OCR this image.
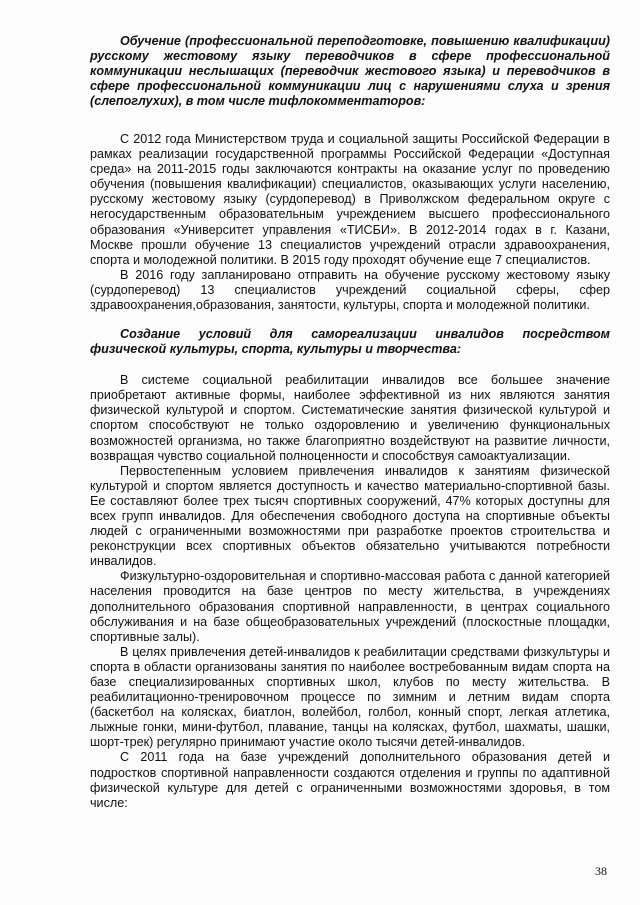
Обучение (профессиональной переподготовке, повышению квалификации) русскому жестовому языку переводчиков в сфере профессиональной коммуникации неслышащих (переводчик жестового языка) и переводчиков в сфере профессиональной коммуникации лиц с нарушениями слуха и зрения (слепоглухих), в том числе тифлокомментаторов:

С 2012 года Министерством труда и социальной защиты Российской Федерации в рамках реализации государственной программы Российской Федерации «Доступная среда» на 2011-2015 годы заключаются контракты на оказание услуг по проведению обучения (повышения квалификации) специалистов, оказывающих услуги населению, русскому жестовому языку (сурдоперевод) в Приволжском федеральном округе с негосударственным образовательным учреждением высшего профессионального образования «Университет управления «ТИСБИ». В 2012-2014 годах в г. Казани, Москве прошли обучение 13 специалистов учреждений отрасли здравоохранения, спорта и молодежной политики. В 2015 году проходят обучение еще 7 специалистов.

В 2016 году запланировано отправить на обучение русскому жестовому языку (сурдоперевод) 13 специалистов учреждений социальной сферы, сфер здравоохранения,образования, занятости, культуры, спорта и молодежной политики.

Создание условий для самореализации инвалидов посредством физической культуры, спорта, культуры и творчества:

В системе социальной реабилитации инвалидов все большее значение приобретают активные формы, наиболее эффективной из них являются занятия физической культурой и спортом. Систематические занятия физической культурой и спортом способствуют не только оздоровлению и увеличению функциональных возможностей организма, но также благоприятно воздействуют на развитие личности, возвращая чувство социальной полноценности и способствуя самоактуализации.

Первостепенным условием привлечения инвалидов к занятиям физической культурой и спортом является доступность и качество материально-спортивной базы. Ее составляют более трех тысяч спортивных сооружений, 47% которых доступны для всех групп инвалидов. Для обеспечения свободного доступа на спортивные объекты людей с ограниченными возможностями при разработке проектов строительства и реконструкции всех спортивных объектов обязательно учитываются потребности инвалидов.

Физкультурно-оздоровительная и спортивно-массовая работа с данной категорией населения проводится на базе центров по месту жительства, в учреждениях дополнительного образования спортивной направленности, в центрах социального обслуживания и на базе общеобразовательных учреждений (плоскостные площадки, спортивные залы).

В целях привлечения детей-инвалидов к реабилитации средствами физкультуры и спорта в области организованы занятия по наиболее востребованным видам спорта на базе специализированных спортивных школ, клубов по месту жительства. В реабилитационно-тренировочном процессе по зимним и летним видам спорта (баскетбол на колясках, биатлон, волейбол, голбол, конный спорт, легкая атлетика, лыжные гонки, мини-футбол, плавание, танцы на колясках, футбол, шахматы, шашки, шорт-трек) регулярно принимают участие около тысячи детей-инвалидов.

С 2011 года на базе учреждений дополнительного образования детей и подростков спортивной направленности создаются отделения и группы по адаптивной физической культуре для детей с ограниченными возможностями здоровья, в том числе:

38
